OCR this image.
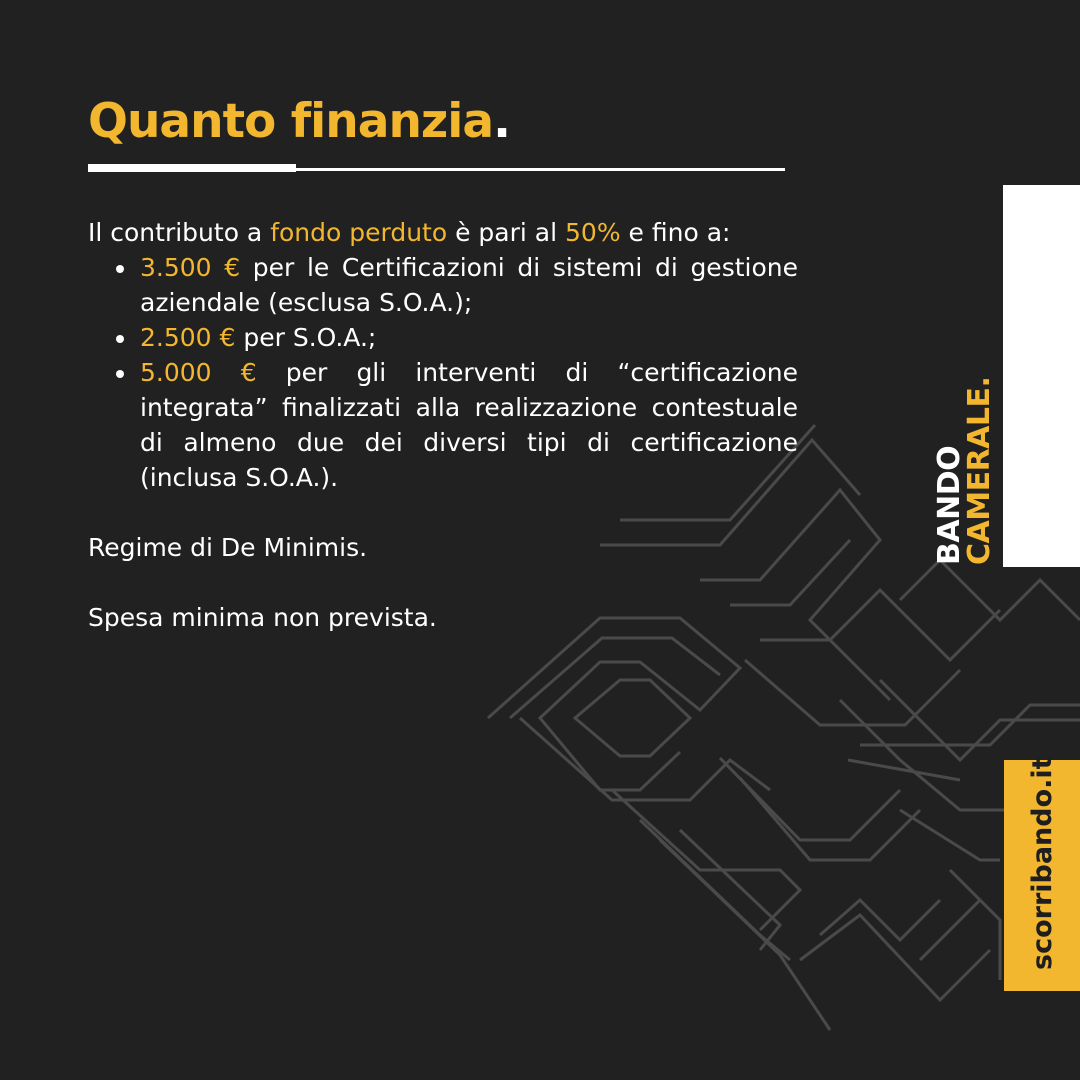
Quanto finanzia.

Il contributo a fondo perduto è pari al 50% e fino a:

3.500 € per le Certificazioni di sistemi di gestione aziendale (esclusa S.O.A.);
2.500 € per S.O.A.;
5.000 € per gli interventi di “certificazione integrata” finalizzati alla realizzazione contestuale di almeno due dei diversi tipi di certificazione (inclusa S.O.A.).

Regime di De Minimis.

Spesa minima non prevista.

BANDO
CAMERALE.
scorribando.it
